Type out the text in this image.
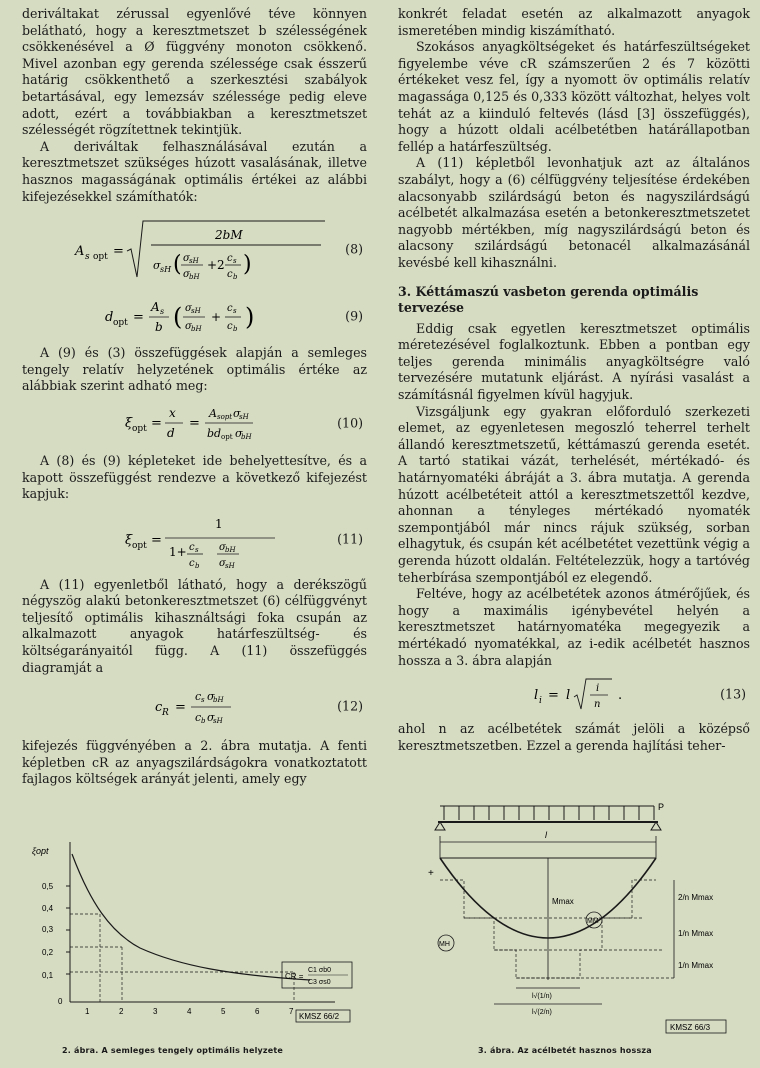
deriváltakat zérussal egyenlővé téve könnyen belátható, hogy a keresztmetszet b szélességének csökkenésével a Ø függvény monoton csökkenő. Mivel azonban egy gerenda szélessége csak ésszerű határig csökkenthető a szerkesztési szabályok betartásával, egy lemezsáv szélessége pedig eleve adott, ezért a továbbiakban a keresztmetszet szélességét rögzítettnek tekintjük.

A deriváltak felhasználásával ezután a keresztmetszet szükséges húzott vasalásának, illetve hasznos magasságának optimális értékei az alábbi kifejezésekkel számíthatók:

A s opt =
2bM
σ sH ( σ sH
σ bH
+2 c s
c b )
(8)
d opt =
A s
b ( σ sH
σ bH
+
c s
c b )	(9)

A (9) és (3) összefüggések alapján a semleges tengely relatív helyzetének optimális értéke az alábbiak szerint adható meg:

ξ opt =
x
d
=
A sopt σ
sH
bd opt σ
bH
(10)

A (8) és (9) képleteket ide behelyettesítve, és a kapott összefüggést rendezve a következő kifejezést kapjuk:

ξ opt =
1
1+ c s
c b
σ bH
σ sH
(11)

A (11) egyenletből látható, hogy a derékszögű négyszög alakú betonkeresztmetszet (6) célfüggvényt teljesítő optimális kihasználtsági foka csupán az alkalmazott anyagok határfeszültség- és költségarányaitól függ. A (11) összefüggés diagramját a

c R =
c s σ
bH
c b σ
sH
(12)

kifejezés függvényében a 2. ábra mutatja. A fenti képletben cR az anyagszilárdságokra vonatkoztatott fajlagos költségek arányát jelenti, amely egy

konkrét feladat esetén az alkalmazott anyagok ismeretében mindig kiszámítható.

Szokásos anyagköltségeket és határfeszültségeket figyelembe véve cR számszerűen 2 és 7 közötti értékeket vesz fel, így a nyomott öv optimális relatív magassága 0,125 és 0,333 között változhat, helyes volt tehát az a kiinduló feltevés (lásd [3] összefüggés), hogy a húzott oldali acélbetétben határállapotban fellép a határfeszültség.

A (11) képletből levonhatjuk azt az általános szabályt, hogy a (6) célfüggvény teljesítése érdekében alacsonyabb szilárdságú beton és nagyszilárdságú acélbetét alkalmazása esetén a betonkeresztmetszetet nagyobb mértékben, míg nagyszilárdságú beton és alacsony szilárdságú betonacél alkalmazásánál kevésbé kell kihasználni.

3. Kéttámaszú vasbeton gerenda optimális tervezése

Eddig csak egyetlen keresztmetszet optimális méretezésével foglalkoztunk. Ebben a pontban egy teljes gerenda minimális anyagköltségre való tervezésére mutatunk eljárást. A nyírási vasalást a számításnál figyelmen kívül hagyjuk.

Vizsgáljunk egy gyakran előforduló szerkezeti elemet, az egyenletesen megoszló teherrel terhelt állandó keresztmetszetű, kéttámaszú gerenda esetét. A tartó statikai vázát, terhelését, mértékadó- és határnyomatéki ábráját a 3. ábra mutatja. A gerenda húzott acélbetéteit attól a keresztmetszettől kezdve, ahonnan a tényleges mértékadó nyomaték szempontjából már nincs rájuk szükség, sorban elhagytuk, és csupán két acélbetétet vezettünk végig a gerenda húzott oldalán. Feltételezzük, hogy a tartóvég teherbírása szempontjából ez elegendő.

Feltéve, hogy az acélbetétek azonos átmérőjűek, és hogy a maximális igénybevétel helyén a keresztmetszet határnyomatéka megegyezik a mértékadó nyomatékkal, az i-edik acélbetét hasznos hossza a 3. ábra alapján

l i = l	i
n
.	(13)

ahol n az acélbetétek számát jelöli a középső keresztmetszetben. Ezzel a gerenda hajlítási teher-

ξopt
0,5
0,4
0,3
0,2
0,1
0
1	2	3	4	5	6	7
CR =
C1 σb0
C3 σs0
KMSZ 66/2
2. ábra. A semleges tengely optimális helyzete
P
l
+
Mmax
MM
MH
2/n Mmax
1/n Mmax
1/n Mmax
l√(1/n)
l√(2/n)
KMSZ 66/3
3. ábra. Az acélbetét hasznos hossza
